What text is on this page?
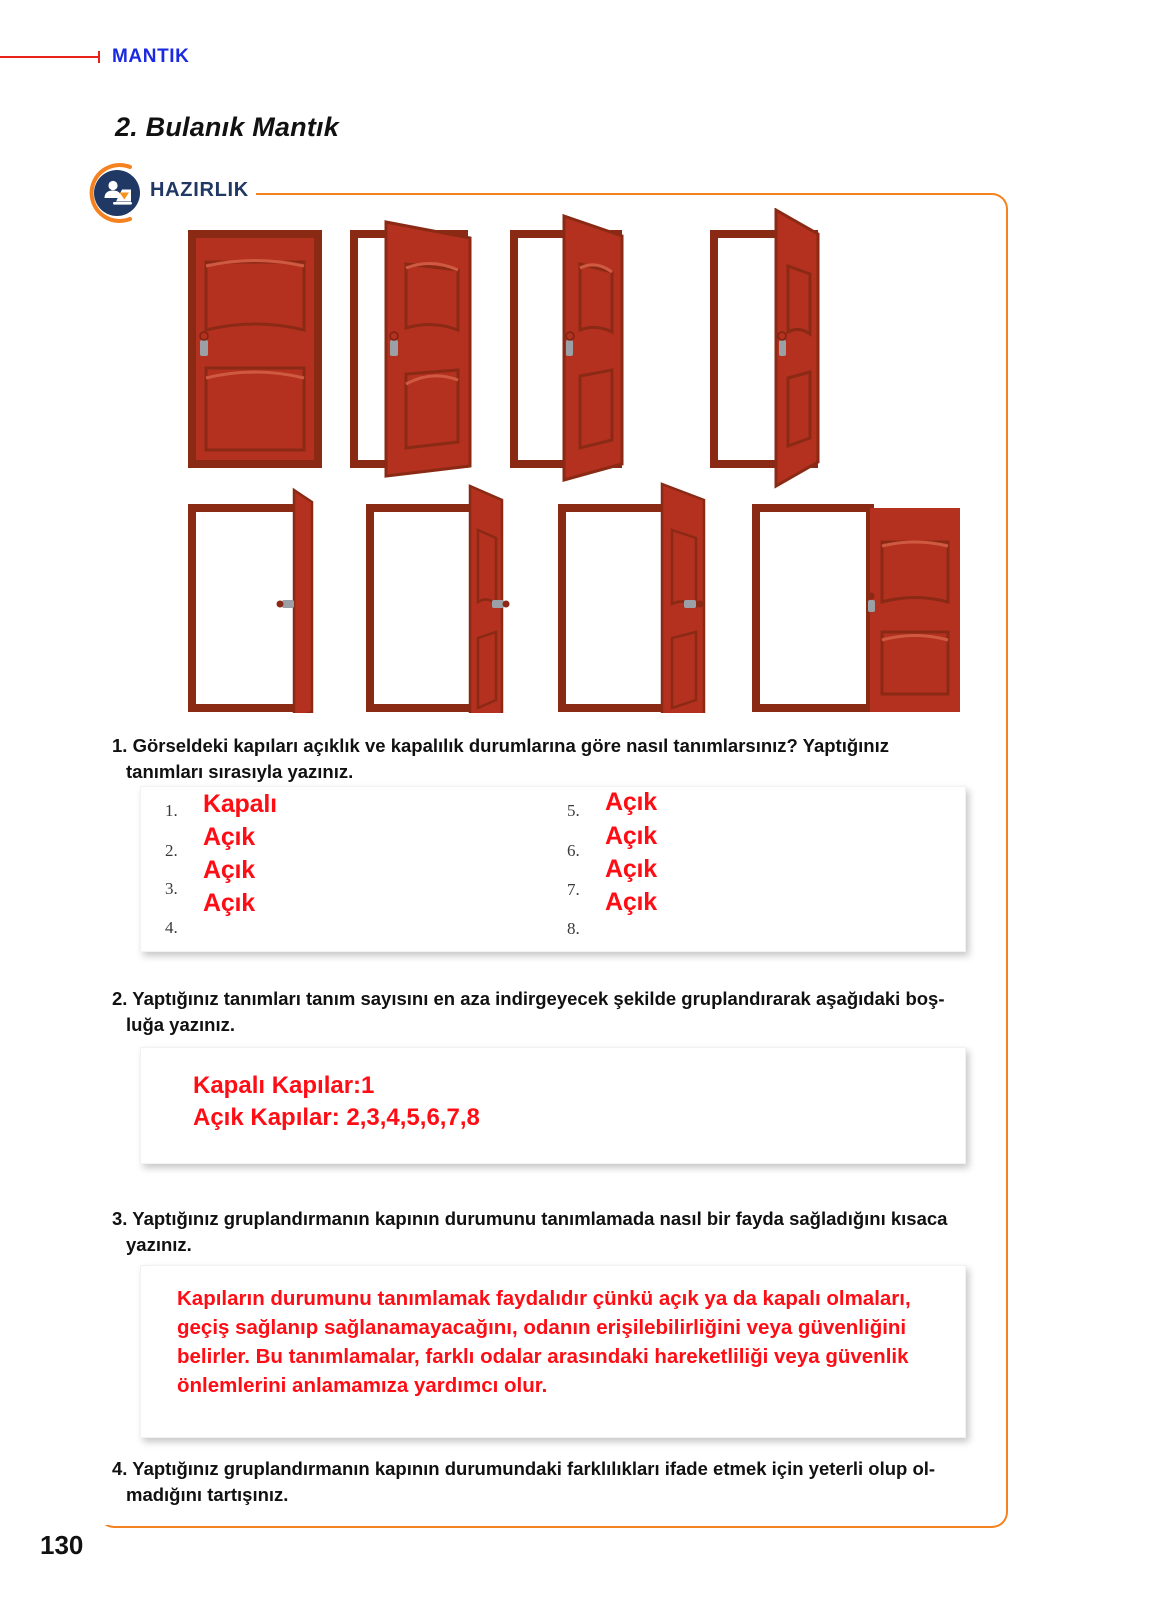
MANTIK
2. Bulanık Mantık
HAZIRLIK
1. Görseldeki kapıları açıklık ve kapalılık durumlarına göre nasıl tanımlarsınız? Yaptığınız
tanımları sırasıyla yazınız.
1. Kapalı
2. Açık
3.
Açık
4.
Açık
5. Açık
6.
Açık
7.
Açık
8.
Açık
2. Yaptığınız tanımları tanım sayısını en aza indirgeyecek şekilde gruplandırarak aşağıdaki boş-
luğa yazınız.
Kapalı Kapılar:1
Açık Kapılar: 2,3,4,5,6,7,8
3. Yaptığınız gruplandırmanın kapının durumunu tanımlamada nasıl bir fayda sağladığını kısaca
yazınız.
Kapıların durumunu tanımlamak faydalıdır çünkü açık ya da kapalı olmaları,
geçiş sağlanıp sağlanamayacağını, odanın erişilebilirliğini veya güvenliğini
belirler. Bu tanımlamalar, farklı odalar arasındaki hareketliliği veya güvenlik
önlemlerini anlamamıza yardımcı olur.
4. Yaptığınız gruplandırmanın kapının durumundaki farklılıkları ifade etmek için yeterli olup ol-
madığını tartışınız.
130
